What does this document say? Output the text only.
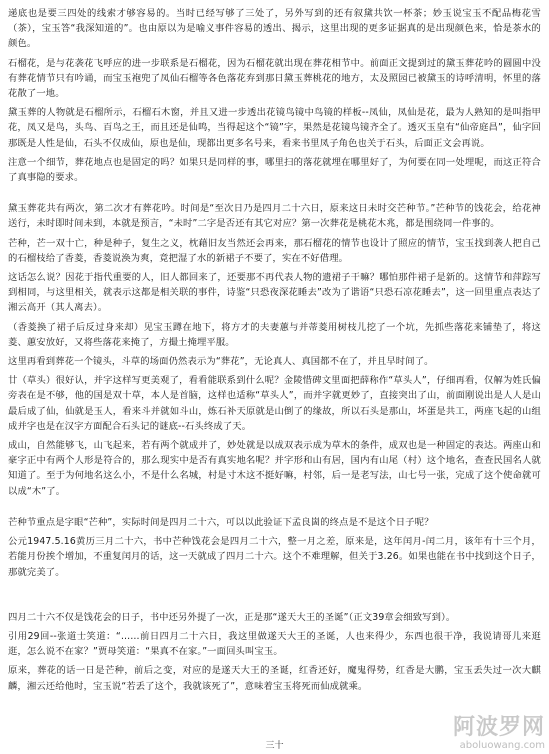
递底也是要三四处的线索才够容易的。当时已经写够了三处了，另外写到的还有叙黛共饮一杯茶；妙玉说宝玉不配品梅花雪（茶），宝玉答“我深知道的”。也由原以为是喻义事件容易的透出、揭示，这里出现的更多证据真的是出现颜色来，恰是茶水的颜色。

石榴花，是与花袭花飞呼应的进一步联系是石榴花，因为石榴花就出现在葬花相节中。前面正文提到过的黛玉葬花吟的圆圆中没有葬花情节只有吟诵，而宝玉袍兜了凤仙石榴等各色落花弃到那日黛玉葬桃花的地方，太及照园已被黛玉的诗呼清明，怀里的落花散了一地。

黛玉葬的人物就是石榴所示，石榴石木窗，并且又进一步透出花镜鸟镜中鸟镜的样板--凤仙，凤仙是花，最为人熟知的是叫指甲花，凤又是鸟，头鸟、百鸟之王，而且还是仙鸣，当得起这个“镜”字，果然是花镜鸟镜齐全了。透灭玉皇有“仙帝庭昌”，仙字回那既是人性是仙，石头不仅成仙，原也是仙，现都出更多名号来，看来书里凤子角色也关于石头，后面正文会再说。

注意一个细节，葬花地点也是固定的吗？如果只是同样的事，哪里扫的落花就埋在哪里好了，为何要在同一处埋呢，而这正符合了真事隐的要求。

黛玉葬花共有两次，第二次才有葬花吟。时间是“至次日乃是四月二十六日，原来这日未时交芒种节。”芒种节的饯花会，给花神送行，未时即时间未到，本就是预言，“未时”二字是否还有其它对应？第一次葬花是桃花木兆，都是围绕同一件事的。

芒种，芒一双十亡，种是种子，复生之义，枕藉旧友当然还会再来，那石榴花的情节也设计了照应的情节，宝玉找到袭人把自己的石榴枝给了香菱，香菱说涣为爽，竟把湿了水的新裙子不要了，实在不好借理。

这话怎么说？因花于指代重要的人，旧人都回来了，还要那不再代表人物的遗裙子干嘛？哪怕那件裙子是新的。这情节和萍踪写到相同，与这里相关，就表示这都是相关联的事件，诗鉴“只恐夜深花睡去”改为了谐语“只恐石凉花睡去”，这一回里重点表达了湘云高开（其人离去）。

（香菱换了裙子后反过身来却）见宝玉蹲在地下，将方才的夫妻蕙与并蒂菱用树枝儿挖了一个坑，先抓些落花来铺垫了，将这菱、蕙安放好，又将些落花来掩了，方撮土掩埋平服。

这里再看到葬花一个镜头，斗草的场面仍然表示为“葬花”，无论真人、真国都不在了，并且早时间了。

廿（草头）很好认，并字这样写更美观了，看看能联系到什么呢？金陵惜碑文里面把薛称作“草头人”，仔细再看，仅解为姓氏偏旁表在是不够，他的国是双十草，本人是首脑，这样也适称“草头人”，而并字就更妙了，直接突出了山，前面刚说出是人人是山最后成了仙，仙就是玉人，看来斗并就如斗山，炼石补天原就是山倒了的缘故，所以石头是那山，坏蛋是共工，两座飞起的山组成并字也是在汉字方面配合石头记的谜底--石头终成了天。

成山，自然能够飞，山飞起来，若有两个就成并了，妙处就是以成双表示成为草木的条件，成双也是一种固定的表达。两座山和豪字正中有两个人形是符合的，那么现实中是否有真实地名呢？并字形和山有居，国内有山尾（村）这个地名，查查民国名人就知道了。至于为何地名这么小，不是什么名城，村是寸木这不挺好嘛，村邻，后一是老写法，山七号一张，完成了这个使命就可以成“木”了。

芒种节重点是字眼“芒种”，实际时间是四月二十六，可以以此验证下孟良崮的终点是不是这个日子呢？

公元1947.5.16黄历三月二十六，书中芒种饯花会是四月二十六，整一月之差，原来是，这年闰月-闰二月，该年有十三个月，若能月份挨个增加，不重复闰月的话，这一天就成了四月二十六。这个不难理解，但关于3.26。如果也能在书中找到这个日子，那就完美了。

四月二十六不仅是饯花会的日子，书中还另外提了一次，正是那“遂天大王的圣诞”（正文39章会细致写到）。

引用29回--张道士笑道：“……前日四月二十六日，我这里做遂天大王的圣诞，人也来得少，东西也很干净，我说请哥儿来逛逛，怎么说不在家？”贾母笑道：“果真不在家。”一面回头叫宝玉。

原来，葬花的话一日是芒种，前后之变，对应的是遂天大王的圣诞，红香还好，魔鬼得势，红香是大鹏，宝玉丢失过一次大麒麟，湘云还给他时，宝玉说“若丢了这个，我就该死了”，意味着宝玉将死而仙成就乘。

三十
阿波罗网
aboluowang.com
